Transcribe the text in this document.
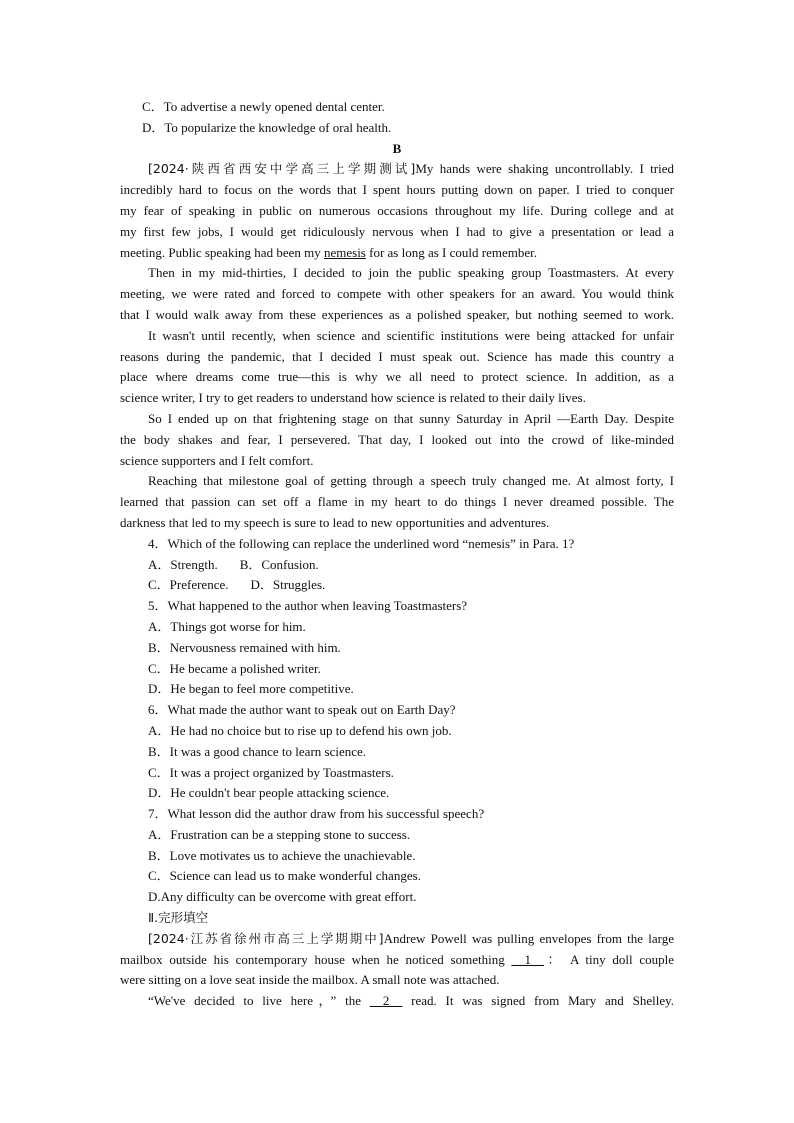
C．To advertise a newly opened dental center.
D．To popularize the knowledge of oral health.
B
[2024·陕西省西安中学高三上学期测试]My hands were shaking uncontrollably. I tried
incredibly hard to focus on the words that I spent hours putting down on paper. I tried to conquer
my fear of speaking in public on numerous occasions throughout my life. During college and at
my first few jobs, I would get ridiculously nervous when I had to give a presentation or lead a
meeting. Public speaking had been my nemesis for as long as I could remember.
Then in my mid-thirties, I decided to join the public speaking group Toastmasters. At every
meeting, we were rated and forced to compete with other speakers for an award. You would think
that I would walk away from these experiences as a polished speaker, but nothing seemed to work.
It wasn't until recently, when science and scientific institutions were being attacked for unfair
reasons during the pandemic, that I decided I must speak out. Science has made this country a
place where dreams come true—this is why we all need to protect science. In addition, as a
science writer, I try to get readers to understand how science is related to their daily lives.
So I ended up on that frightening stage on that sunny Saturday in April —Earth Day. Despite
the body shakes and fear, I persevered. That day, I looked out into the crowd of like-minded
science supporters and I felt comfort.
Reaching that milestone goal of getting through a speech truly changed me. At almost forty, I
learned that passion can set off a flame in my heart to do things I never dreamed possible. The
darkness that led to my speech is sure to lead to new opportunities and adventures.
4．Which of the following can replace the underlined word “nemesis” in Para. 1?
A．Strength. B．Confusion.
C．Preference. D．Struggles.
5．What happened to the author when leaving Toastmasters?
A．Things got worse for him.
B．Nervousness remained with him.
C．He became a polished writer.
D．He began to feel more competitive.
6．What made the author want to speak out on Earth Day?
A．He had no choice but to rise up to defend his own job.
B．It was a good chance to learn science.
C．It was a project organized by Toastmasters.
D．He couldn't bear people attacking science.
7．What lesson did the author draw from his successful speech?
A．Frustration can be a stepping stone to success.
B．Love motivates us to achieve the unachievable.
C．Science can lead us to make wonderful changes.
D.Any difficulty can be overcome with great effort.
Ⅱ.完形填空
[2024·江苏省徐州市高三上学期期中]Andrew Powell was pulling envelopes from the large
mailbox outside his contemporary house when he noticed something __1__： A tiny doll couple
were sitting on a love seat inside the mailbox. A small note was attached.
“We've decided to live here，” the __2__ read. It was signed from Mary and Shelley.
